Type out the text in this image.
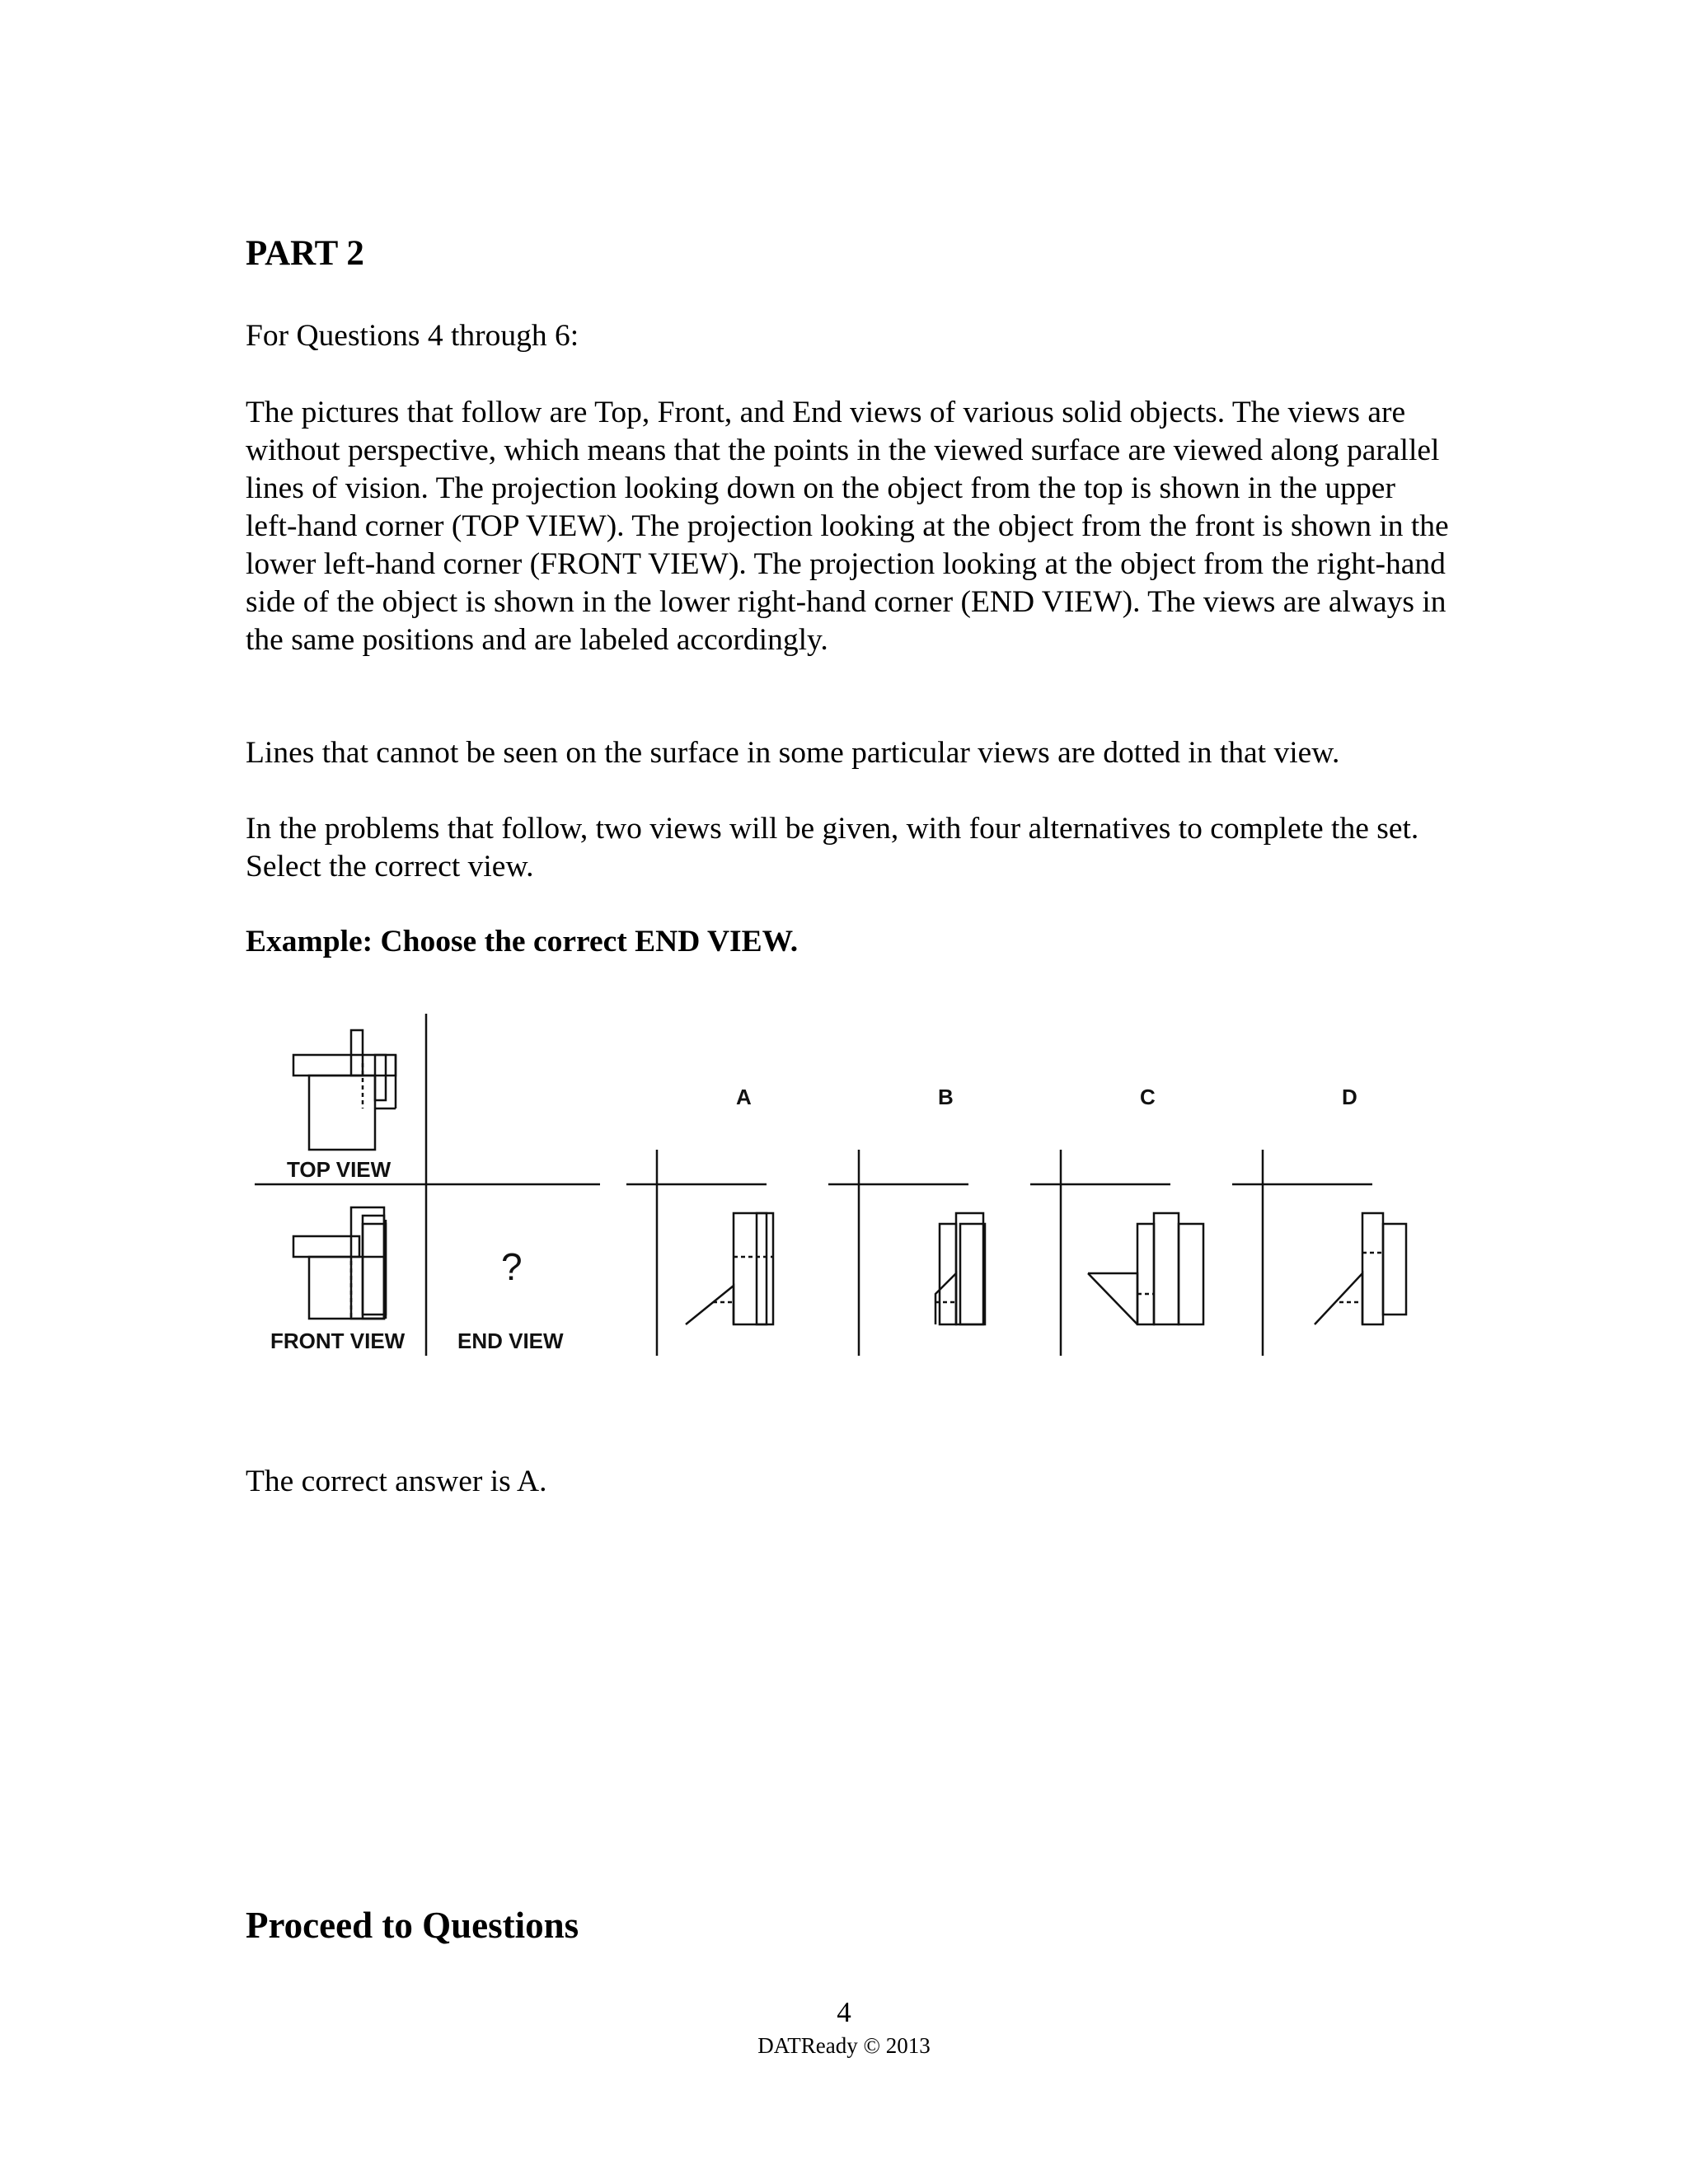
PART 2

For Questions 4 through 6:

The pictures that follow are Top, Front, and End views of various solid objects. The views are without perspective, which means that the points in the viewed surface are viewed along parallel lines of vision. The projection looking down on the object from the top is shown in the upper left-hand corner (TOP VIEW). The projection looking at the object from the front is shown in the lower left-hand corner (FRONT VIEW). The projection looking at the object from the right-hand side of the object is shown in the lower right-hand corner (END VIEW). The views are always in the same positions and are labeled accordingly.

Lines that cannot be seen on the surface in some particular views are dotted in that view.

In the problems that follow, two views will be given, with four alternatives to complete the set. Select the correct view.

Example: Choose the correct END VIEW.

TOP VIEW
FRONT VIEW END VIEW
?
A	B	C	D

The correct answer is A.

Proceed to Questions

4

DATReady © 2013
